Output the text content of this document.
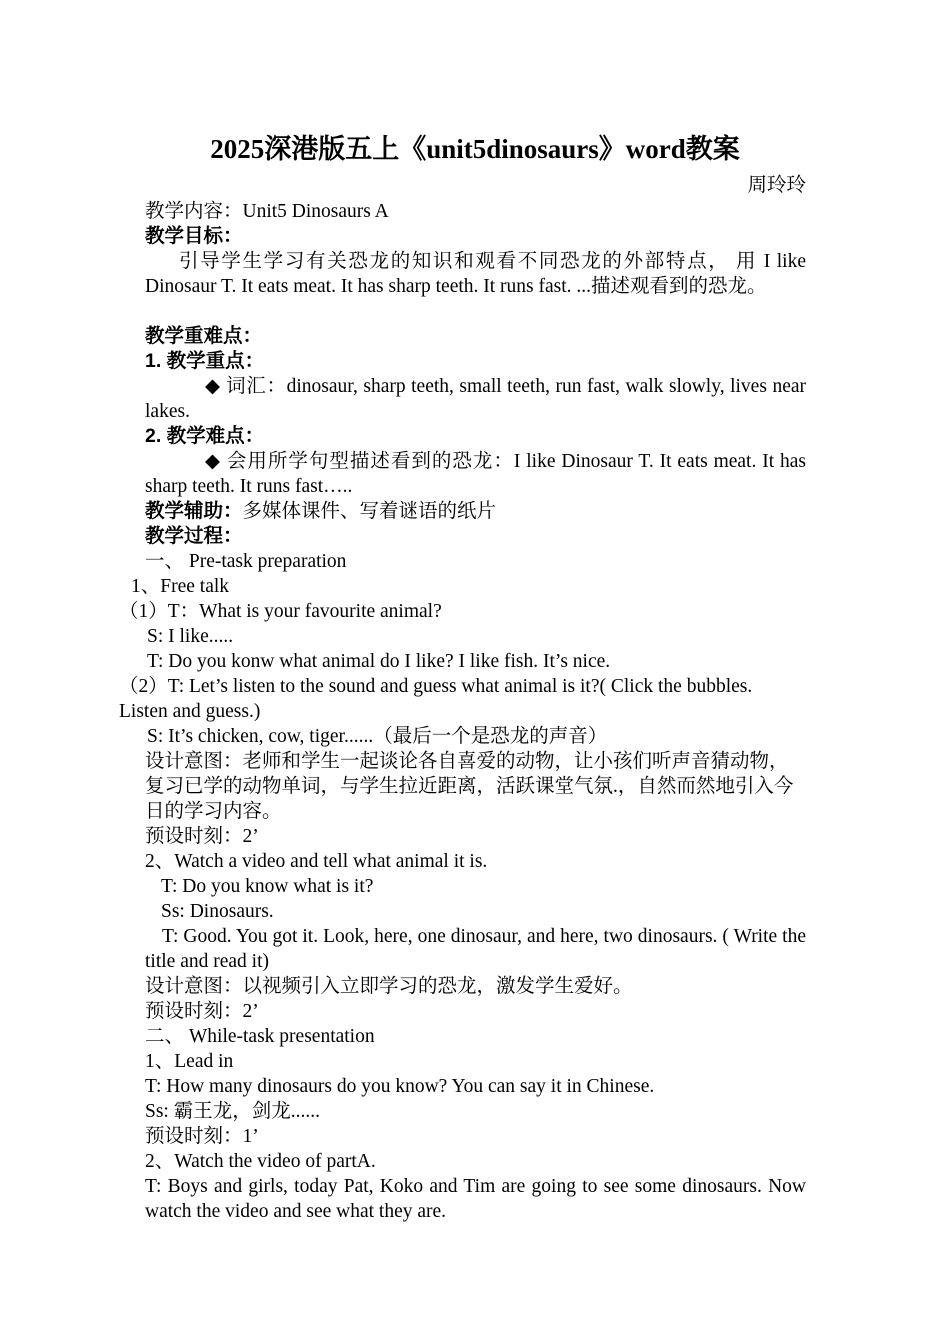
2025深港版五上《unit5dinosaurs》word教案
周玲玲
教学内容：Unit5 Dinosaurs A
教学目标：
引导学生学习有关恐龙的知识和观看不同恐龙的外部特点， 用 I like Dinosaur T. It eats meat. It has sharp teeth. It runs fast. ...描述观看到的恐龙。
教学重难点：
1. 教学重点：
◆ 词汇：dinosaur, sharp teeth, small teeth, run fast, walk slowly, lives near lakes.
2. 教学难点：
◆ 会用所学句型描述看到的恐龙：I like Dinosaur T. It eats meat. It has sharp teeth. It runs fast…..
教学辅助：多媒体课件、写着谜语的纸片
教学过程：
一、 Pre-task preparation
1、Free talk
（1）T：What is your favourite animal?
S: I like.....
T: Do you konw what animal do I like? I like fish. It’s nice.
（2）T: Let’s listen to the sound and guess what animal is it?( Click the bubbles. Listen and guess.)
S: It’s chicken, cow, tiger......（最后一个是恐龙的声音）
设计意图：老师和学生一起谈论各自喜爱的动物，让小孩们听声音猜动物，复习已学的动物单词，与学生拉近距离，活跃课堂气氛.，自然而然地引入今日的学习内容。
预设时刻：2’
2、Watch a video and tell what animal it is.
T: Do you know what is it?
Ss: Dinosaurs.
T: Good. You got it. Look, here, one dinosaur, and here, two dinosaurs. ( Write the title and read it)
设计意图：以视频引入立即学习的恐龙，激发学生爱好。
预设时刻：2’
二、 While-task presentation
1、Lead in
T: How many dinosaurs do you know? You can say it in Chinese.
Ss: 霸王龙，剑龙......
预设时刻：1’
2、Watch the video of partA.
T: Boys and girls, today Pat, Koko and Tim are going to see some dinosaurs. Now watch the video and see what they are.
